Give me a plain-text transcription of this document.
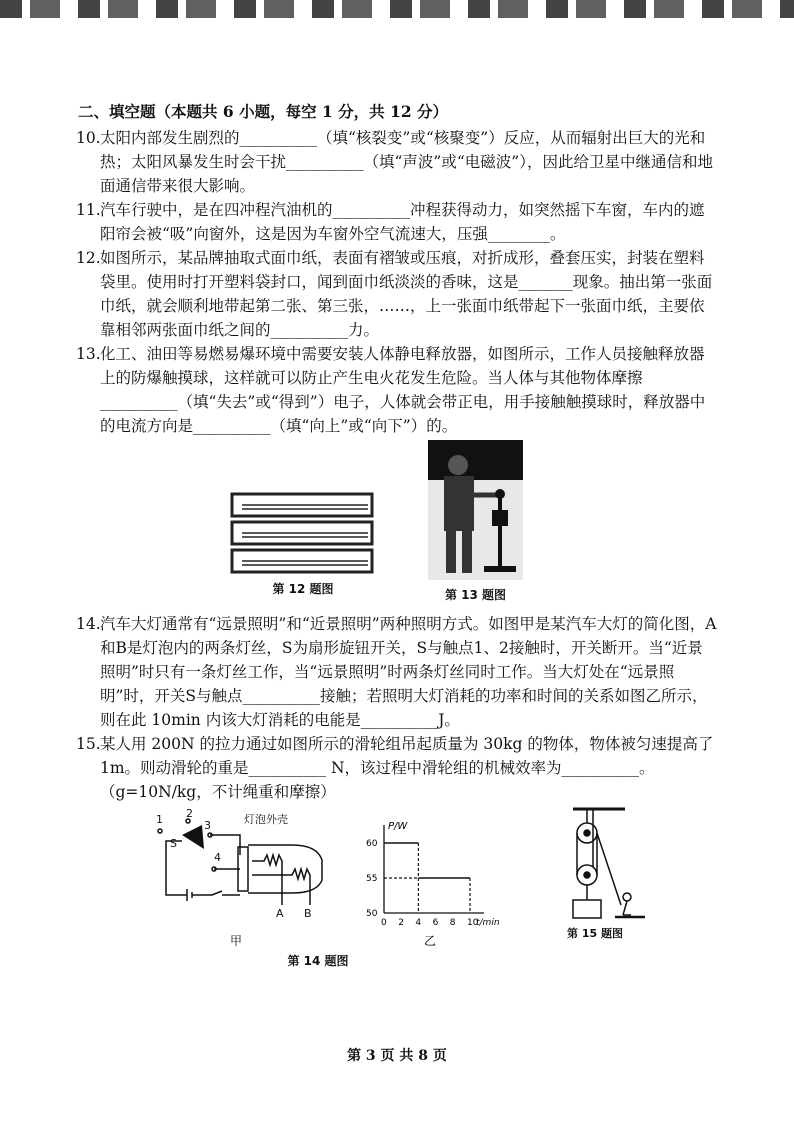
二、填空题（本题共 6 小题，每空 1 分，共 12 分）

10. 太阳内部发生剧烈的__________（填“核裂变”或“核聚变”）反应，从而辐射出巨大的光和热；太阳风暴发生时会干扰__________（填“声波”或“电磁波”），因此给卫星中继通信和地面通信带来很大影响。

11. 汽车行驶中，是在四冲程汽油机的__________冲程获得动力，如突然摇下车窗，车内的遮阳帘会被“吸”向窗外，这是因为车窗外空气流速大，压强________。

12. 如图所示，某品牌抽取式面巾纸，表面有褶皱或压痕，对折成形，叠套压实，封装在塑料袋里。使用时打开塑料袋封口，闻到面巾纸淡淡的香味，这是_______现象。抽出第一张面巾纸，就会顺利地带起第二张、第三张，……，上一张面巾纸带起下一张面巾纸，主要依靠相邻两张面巾纸之间的__________力。

13. 化工、油田等易燃易爆环境中需要安装人体静电释放器，如图所示，工作人员接触释放器上的防爆触摸球，这样就可以防止产生电火花发生危险。当人体与其他物体摩擦__________（填“失去”或“得到”）电子，人体就会带正电，用手接触触摸球时，释放器中的电流方向是__________（填“向上”或“向下”）的。

第 12 题图	第 13 题图

14. 汽车大灯通常有“远景照明”和“近景照明”两种照明方式。如图甲是某汽车大灯的简化图，A和B是灯泡内的两条灯丝，S为扇形旋钮开关，S与触点1、2接触时，开关断开。当“近景照明”时只有一条灯丝工作，当“远景照明”时两条灯丝同时工作。当大灯处在“远景照明”时，开关S与触点__________接触；若照明大灯消耗的功率和时间的关系如图乙所示，则在此 10min 内该大灯消耗的电能是__________J。

15. 某人用 200N 的拉力通过如图所示的滑轮组吊起质量为 30kg 的物体，物体被匀速提高了 1m。则动滑轮的重是__________ N，该过程中滑轮组的机械效率为__________。（g=10N/kg，不计绳重和摩擦）

1 2
3
4
S
灯泡外壳
A B
甲
P/W
t/min
0 2 4 6 8 10
50
55
60
乙
第 14 题图
第 15 题图
第 3 页 共 8 页
